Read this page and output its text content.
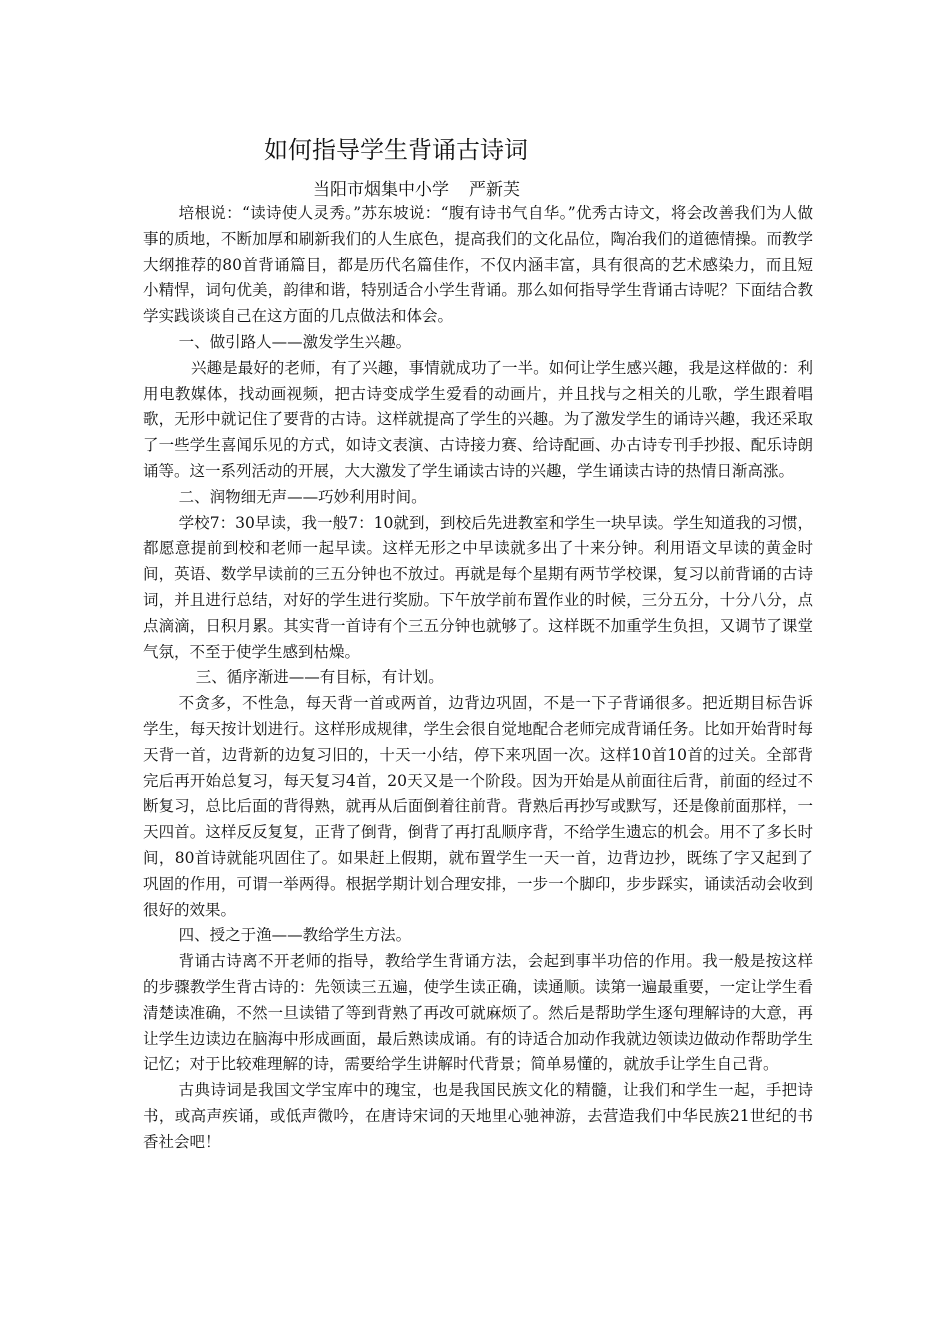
如何指导学生背诵古诗词
当阳市烟集中小学 严新芙

培根说：“读诗使人灵秀。”苏东坡说：“腹有诗书气自华。”优秀古诗文，将会改善我们为人做事的质地，不断加厚和刷新我们的人生底色，提高我们的文化品位，陶冶我们的道德情操。而教学大纲推荐的80首背诵篇目，都是历代名篇佳作，不仅内涵丰富，具有很高的艺术感染力，而且短小精悍，词句优美，韵律和谐，特别适合小学生背诵。那么如何指导学生背诵古诗呢？下面结合教学实践谈谈自己在这方面的几点做法和体会。

一、做引路人——激发学生兴趣。

兴趣是最好的老师，有了兴趣，事情就成功了一半。如何让学生感兴趣，我是这样做的：利用电教媒体，找动画视频，把古诗变成学生爱看的动画片，并且找与之相关的儿歌，学生跟着唱歌，无形中就记住了要背的古诗。这样就提高了学生的兴趣。为了激发学生的诵诗兴趣，我还采取了一些学生喜闻乐见的方式，如诗文表演、古诗接力赛、给诗配画、办古诗专刊手抄报、配乐诗朗诵等。这一系列活动的开展，大大激发了学生诵读古诗的兴趣，学生诵读古诗的热情日渐高涨。

二、润物细无声——巧妙利用时间。

学校7：30早读，我一般7：10就到，到校后先进教室和学生一块早读。学生知道我的习惯，都愿意提前到校和老师一起早读。这样无形之中早读就多出了十来分钟。利用语文早读的黄金时间，英语、数学早读前的三五分钟也不放过。再就是每个星期有两节学校课，复习以前背诵的古诗词，并且进行总结，对好的学生进行奖励。下午放学前布置作业的时候，三分五分，十分八分，点点滴滴，日积月累。其实背一首诗有个三五分钟也就够了。这样既不加重学生负担，又调节了课堂气氛，不至于使学生感到枯燥。

三、循序渐进——有目标，有计划。

不贪多，不性急，每天背一首或两首，边背边巩固，不是一下子背诵很多。把近期目标告诉学生，每天按计划进行。这样形成规律，学生会很自觉地配合老师完成背诵任务。比如开始背时每天背一首，边背新的边复习旧的，十天一小结，停下来巩固一次。这样10首10首的过关。全部背完后再开始总复习，每天复习4首，20天又是一个阶段。因为开始是从前面往后背，前面的经过不断复习，总比后面的背得熟，就再从后面倒着往前背。背熟后再抄写或默写，还是像前面那样，一天四首。这样反反复复，正背了倒背，倒背了再打乱顺序背，不给学生遗忘的机会。用不了多长时间，80首诗就能巩固住了。如果赶上假期，就布置学生一天一首，边背边抄，既练了字又起到了巩固的作用，可谓一举两得。根据学期计划合理安排，一步一个脚印，步步踩实，诵读活动会收到很好的效果。

四、授之于渔——教给学生方法。

背诵古诗离不开老师的指导，教给学生背诵方法，会起到事半功倍的作用。我一般是按这样的步骤教学生背古诗的：先领读三五遍，使学生读正确，读通顺。读第一遍最重要，一定让学生看清楚读准确，不然一旦读错了等到背熟了再改可就麻烦了。然后是帮助学生逐句理解诗的大意，再让学生边读边在脑海中形成画面，最后熟读成诵。有的诗适合加动作我就边领读边做动作帮助学生记忆；对于比较难理解的诗，需要给学生讲解时代背景；简单易懂的，就放手让学生自己背。

古典诗词是我国文学宝库中的瑰宝，也是我国民族文化的精髓，让我们和学生一起，手把诗书，或高声疾诵，或低声微吟，在唐诗宋词的天地里心驰神游，去营造我们中华民族21世纪的书香社会吧！
